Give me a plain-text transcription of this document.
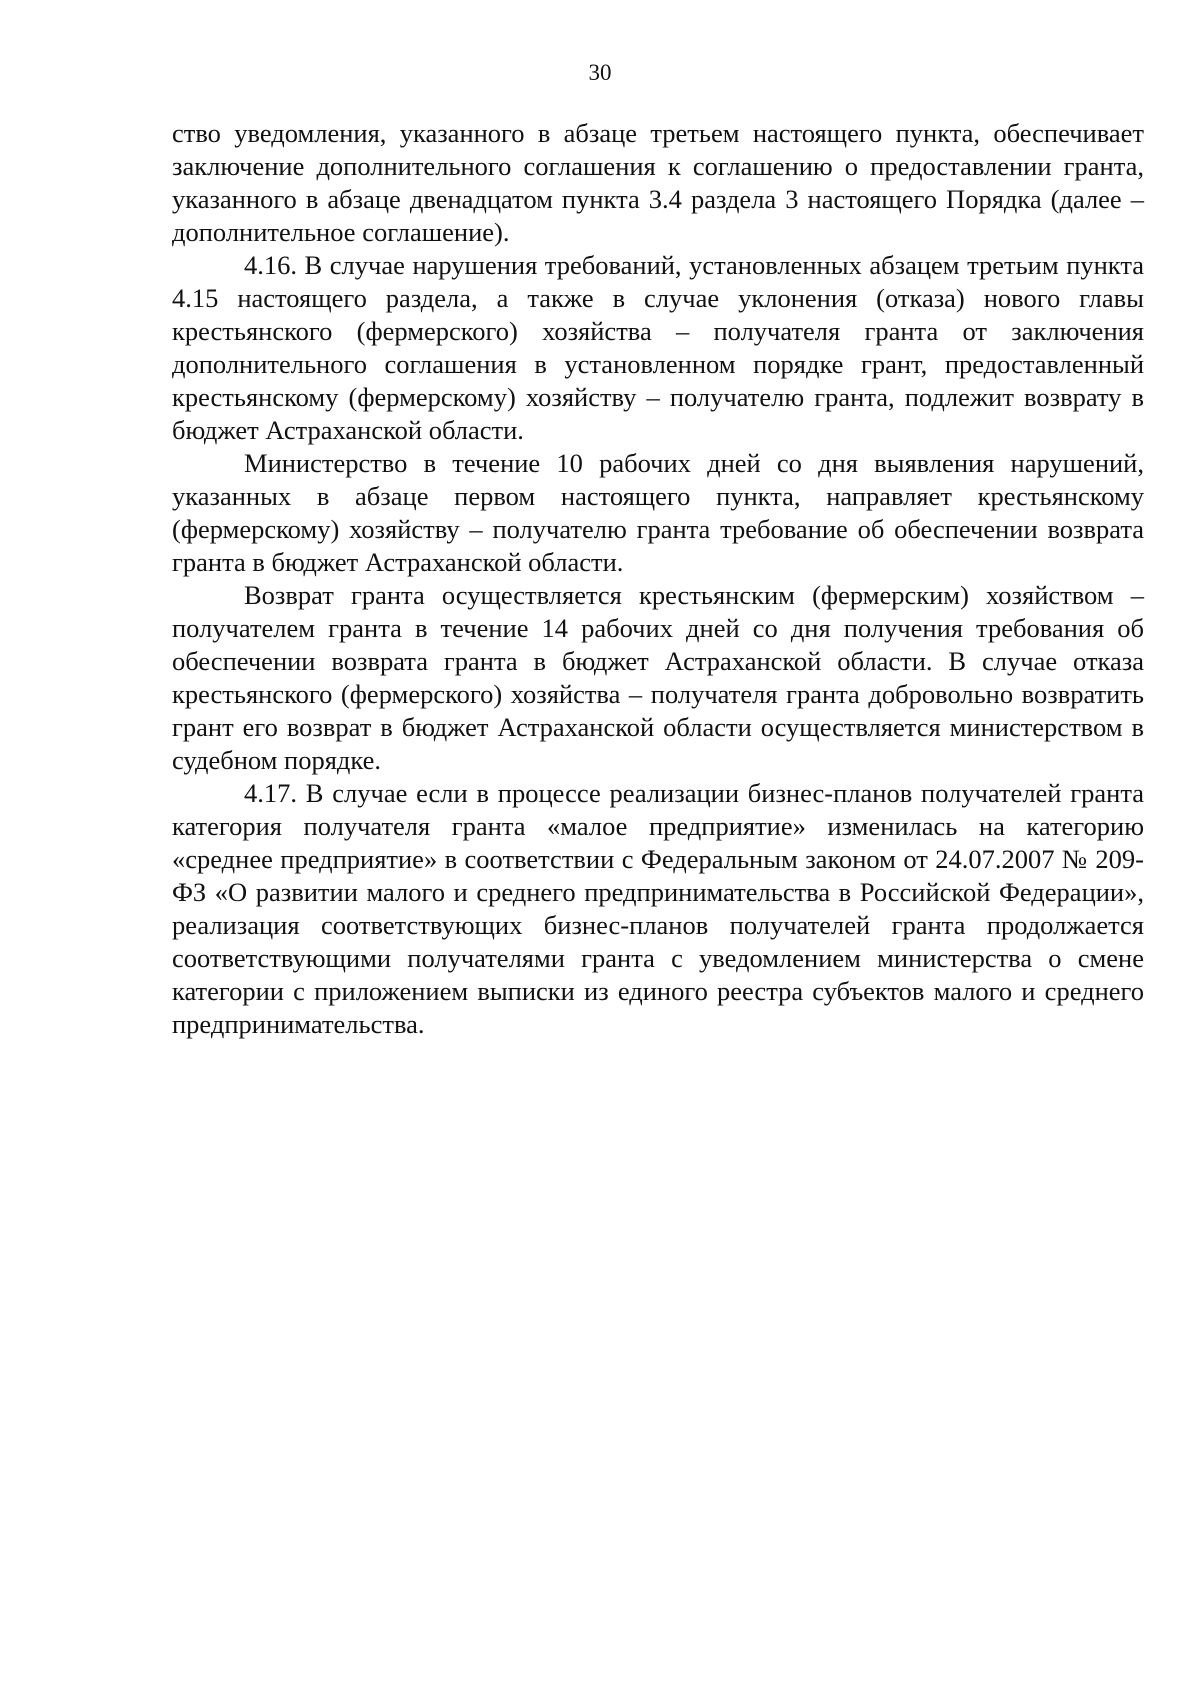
30

ство уведомления, указанного в абзаце третьем настоящего пункта, обеспечивает заключение дополнительного соглашения к соглашению о предоставлении гранта, указанного в абзаце двенадцатом пункта 3.4 раздела 3 настоящего Порядка (далее – дополнительное соглашение).

4.16. В случае нарушения требований, установленных абзацем третьим пункта 4.15 настоящего раздела, а также в случае уклонения (отказа) нового главы крестьянского (фермерского) хозяйства – получателя гранта от заключения дополнительного соглашения в установленном порядке грант, предоставленный крестьянскому (фермерскому) хозяйству – получателю гранта, подлежит возврату в бюджет Астраханской области.

Министерство в течение 10 рабочих дней со дня выявления нарушений, указанных в абзаце первом настоящего пункта, направляет крестьянскому (фермерскому) хозяйству – получателю гранта требование об обеспечении возврата гранта в бюджет Астраханской области.

Возврат гранта осуществляется крестьянским (фермерским) хозяйством – получателем гранта в течение 14 рабочих дней со дня получения требования об обеспечении возврата гранта в бюджет Астраханской области. В случае отказа крестьянского (фермерского) хозяйства – получателя гранта добровольно возвратить грант его возврат в бюджет Астраханской области осуществляется министерством в судебном порядке.

4.17. В случае если в процессе реализации бизнес-планов получателей гранта категория получателя гранта «малое предприятие» изменилась на категорию «среднее предприятие» в соответствии с Федеральным законом от 24.07.2007 № 209-ФЗ «О развитии малого и среднего предпринимательства в Российской Федерации», реализация соответствующих бизнес-планов получателей гранта продолжается соответствующими получателями гранта с уведомлением министерства о смене категории с приложением выписки из единого реестра субъектов малого и среднего предпринимательства.
